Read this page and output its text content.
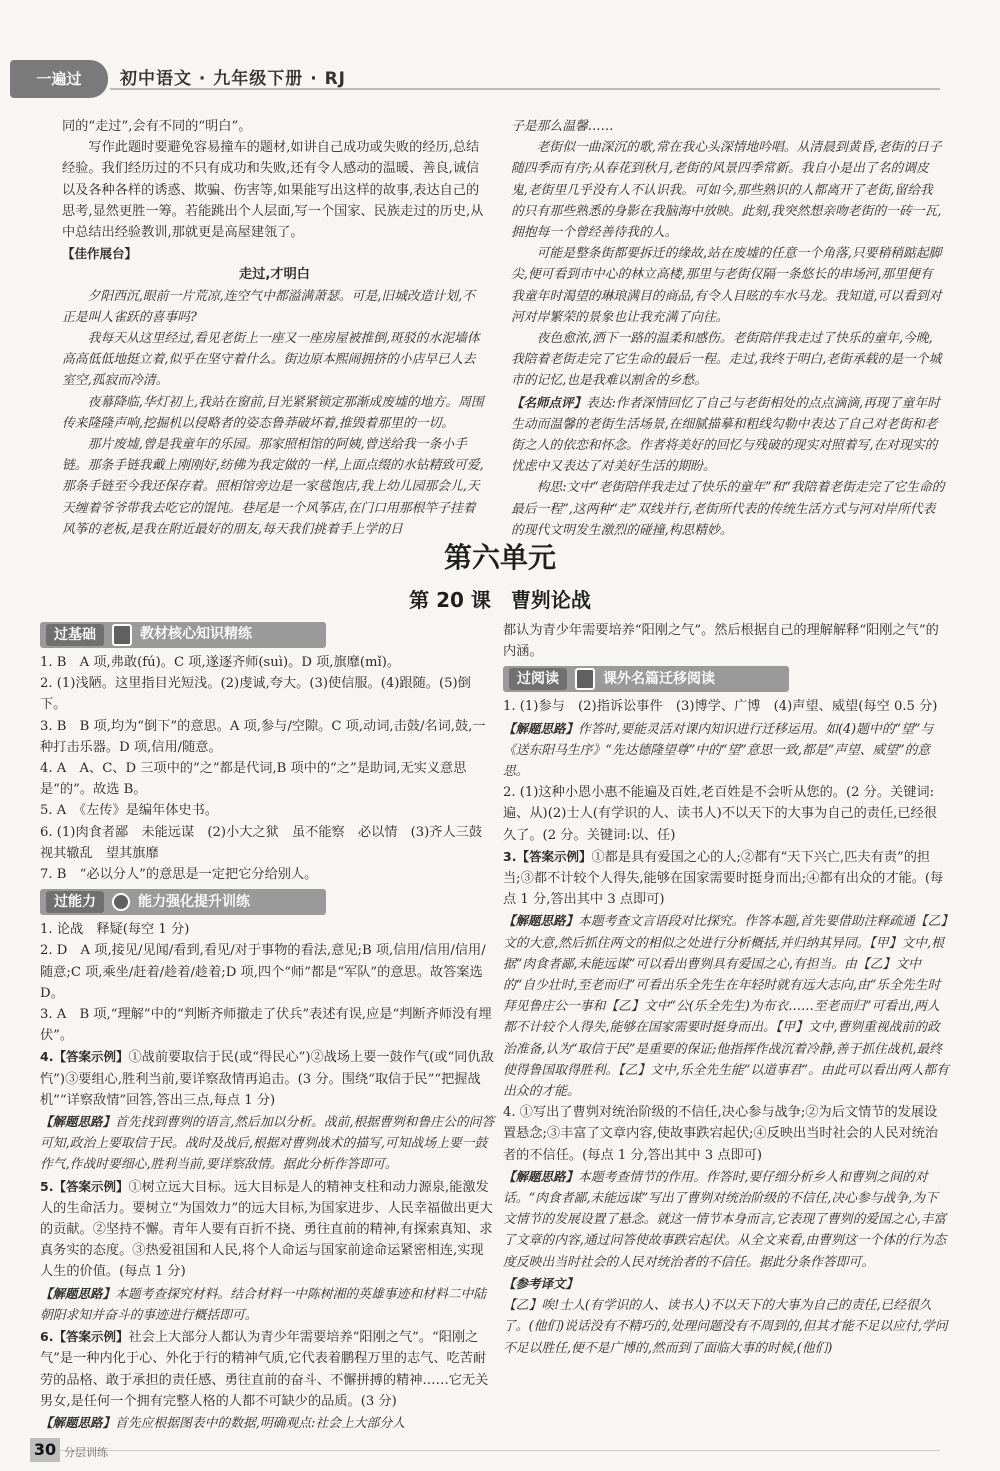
一遍过	初中语文 · 九年级下册 · RJ

同的“走过”,会有不同的“明白”。

写作此题时要避免容易撞车的题材,如讲自己成功或失败的经历,总结经验。我们经历过的不只有成功和失败,还有令人感动的温暖、善良,诚信以及各种各样的诱惑、欺骗、伤害等,如果能写出这样的故事,表达自己的思考,显然更胜一筹。若能跳出个人层面,写一个国家、民族走过的历史,从中总结出经验教训,那就更是高屋建瓴了。

【佳作展台】

走过,才明白

夕阳西沉,眼前一片荒凉,连空气中都溢满萧瑟。可是,旧城改造计划,不正是叫人雀跃的喜事吗?

我每天从这里经过,看见老街上一座又一座房屋被推倒,斑驳的水泥墙体高高低低地挺立着,似乎在坚守着什么。街边原本熙闹拥挤的小店早已人去室空,孤寂而冷清。

夜幕降临,华灯初上,我站在窗前,目光紧紧锁定那渐成废墟的地方。周围传来隆隆声响,挖掘机以侵略者的姿态鲁莽破坏着,推毁着那里的一切。

那片废墟,曾是我童年的乐园。那家照相馆的阿姨,曾送给我一条小手链。那条手链我戴上刚刚好,纺佛为我定做的一样,上面点缀的水钻精致可爱,那条手链至今我还保存着。照相馆旁边是一家毯饱店,我上幼儿园那会儿,天天缠着爷爷带我去吃它的馄饨。巷尾是一个风筝店,在门口用那根竿子挂着风筝的老板,是我在附近最好的朋友,每天我们挑着手上学的日

子是那么温馨……

老街似一曲深沉的歌,常在我心头深情地吟唱。从清晨到黄昏,老街的日子随四季而有序;从春花到秋月,老街的风景四季常新。我自小是出了名的调皮鬼,老街里几乎没有人不认识我。可如今,那些熟识的人都离开了老街,留给我的只有那些熟悉的身影在我脑海中放映。此刻,我突然想亲吻老街的一砖一瓦,拥抱每一个曾经善待我的人。

可能是整条街都要拆迁的缘故,站在废墟的任意一个角落,只要稍稍踮起脚尖,便可看到市中心的林立高楼,那里与老街仅隔一条悠长的串场河,那里便有我童年时渴望的琳琅满目的商品,有令人目眩的车水马龙。我知道,可以看到对河对岸繁荣的景象也让我充满了向往。

夜色愈浓,洒下一路的温柔和感伤。老街陪伴我走过了快乐的童年,今晚,我陪着老街走完了它生命的最后一程。走过,我终于明白,老街承载的是一个城市的记忆,也是我难以割舍的乡愁。

【名师点评】表达:作者深情回忆了自己与老街相处的点点滴滴,再现了童年时生动而温馨的老街生活场景,在细腻描摹和粗线勾勒中表达了自己对老街和老街之人的依恋和怀念。作者将美好的回忆与残破的现实对照着写,在对现实的忧虑中又表达了对美好生活的期盼。

构思:文中“老街陪伴我走过了快乐的童年”和“我陪着老街走完了它生命的最后一程”,这两种“走”双线并行,老街所代表的传统生活方式与河对岸所代表的现代文明发生激烈的碰撞,构思精妙。

第六单元
第 20 课　曹刿论战
过基础	教材核心知识精练

1. B　A 项,弗敢(fú)。C 项,遂逐齐师(suì)。D 项,旗靡(mǐ)。

2. (1)浅陋。这里指目光短浅。(2)虔诚,夸大。(3)使信服。(4)跟随。(5)倒下。

3. B　B 项,均为“倒下”的意思。A 项,参与/空隙。C 项,动词,击鼓/名词,鼓,一种打击乐器。D 项,信用/随意。

4. A　A、C、D 三项中的“之”都是代词,B 项中的“之”是助词,无实义意思是“的”。故选 B。

5. A　《左传》是编年体史书。

6. (1)肉食者鄙　未能远谋　(2)小大之狱　虽不能察　必以情　(3)齐人三鼓　视其辙乱　望其旗靡

7. B　“必以分人”的意思是一定把它分给别人。

过能力	能力强化提升训练

1. 论战　释疑(每空 1 分)

2. D　A 项,接见/见闻/看到,看见/对于事物的看法,意见;B 项,信用/信用/信用/随意;C 项,乘坐/赶着/趁着/趁着;D 项,四个“师”都是“军队”的意思。故答案选 D。

3. A　B 项,“理解”中的“判断齐师撤走了伏兵”表述有误,应是“判断齐师没有埋伏”。

4.【答案示例】①战前要取信于民(或“得民心”)②战场上要一鼓作气(或“同仇敌忾”)③要组心,胜利当前,要详察敌情再追击。(3 分。围绕“取信于民”“把握战机”“详察敌情”回答,答出三点,每点 1 分)

【解题思路】首先找到曹刿的语言,然后加以分析。战前,根据曹刿和鲁庄公的问答可知,政治上要取信于民。战时及战后,根据对曹刿战术的描写,可知战场上要一鼓作气,作战时要细心,胜利当前,要详察敌情。据此分析作答即可。

5.【答案示例】①树立远大目标。远大目标是人的精神支柱和动力源泉,能激发人的生命活力。要树立“为国效力”的远大目标,为国家进步、人民幸福做出更大的贡献。②坚持不懈。青年人要有百折不挠、勇往直前的精神,有探索真知、求真务实的态度。③热爱祖国和人民,将个人命运与国家前途命运紧密相连,实现人生的价值。(每点 1 分)

【解题思路】本题考查探究材料。结合材料一中陈树湘的英雄事迹和材料二中陆朝阳求知并奋斗的事迹进行概括即可。

6.【答案示例】社会上大部分人都认为青少年需要培养“阳刚之气”。“阳刚之气”是一种内化于心、外化于行的精神气质,它代表着鹏程万里的志气、吃苦耐劳的品格、敢于承担的责任感、勇往直前的奋斗、不懈拼搏的精神……它无关男女,是任何一个拥有完整人格的人都不可缺少的品质。(3 分)

【解题思路】首先应根据图表中的数据,明确观点:社会上大部分人

都认为青少年需要培养“阳刚之气”。然后根据自己的理解解释“阳刚之气”的内涵。

过阅读	课外名篇迁移阅读

1. (1)参与　(2)指诉讼事件　(3)博学、广博　(4)声望、威望(每空 0.5 分)

【解题思路】作答时,要能灵活对课内知识进行迁移运用。如(4)题中的“望”与《送东阳马生序》“先达德隆望尊”中的“望”意思一致,都是“声望、威望”的意思。

2. (1)这种小恩小惠不能遍及百姓,老百姓是不会听从您的。(2 分。关键词:遍、从)(2)士人(有学识的人、读书人)不以天下的大事为自己的责任,已经很久了。(2 分。关键词:以、任)

3.【答案示例】①都是具有爱国之心的人;②都有“天下兴亡,匹夫有责”的担当;③都不计较个人得失,能够在国家需要时挺身而出;④都有出众的才能。(每点 1 分,答出其中 3 点即可)

【解题思路】本题考查文言语段对比探究。作答本题,首先要借助注释疏通【乙】文的大意,然后抓住两文的相似之处进行分析概括,并归纳其异同。【甲】文中,根据“肉食者鄙,未能远谋”可以看出曹刿具有爱国之心,有担当。由【乙】文中的“自少壮时,至老而归”可看出乐全先生在年轻时就有远大志向,由“乐全先生时拜见鲁庄公一事和【乙】文中“公(乐全先生)为布衣……至老而归”可看出,两人都不计较个人得失,能够在国家需要时挺身而出。【甲】文中,曹刿重视战前的政治准备,认为“取信于民”是重要的保证;他指挥作战沉着冷静,善于抓住战机,最终使得鲁国取得胜利。【乙】文中,乐全先生能“以道事君”。由此可以看出两人都有出众的才能。

4. ①写出了曹刿对统治阶级的不信任,决心参与战争;②为后文情节的发展设置悬念;③丰富了文章内容,使故事跌宕起伏;④反映出当时社会的人民对统治者的不信任。(每点 1 分,答出其中 3 点即可)

【解题思路】本题考查情节的作用。作答时,要仔细分析乡人和曹刿之间的对话。“肉食者鄙,未能远谋”写出了曹刿对统治阶级的不信任,决心参与战争,为下文情节的发展设置了悬念。就这一情节本身而言,它表现了曹刿的爱国之心,丰富了文章的内容,通过问答使故事跌宕起伏。从全文来看,由曹刿这一个体的行为态度反映出当时社会的人民对统治者的不信任。据此分条作答即可。

【参考译文】

【乙】唉!士人(有学识的人、读书人)不以天下的大事为自己的责任,已经很久了。(他们)说话没有不精巧的,处理问题没有不周到的,但其才能不足以应付,学问不足以胜任,便不是广博的,然而到了面临大事的时候,(他们)

30 分层训练
